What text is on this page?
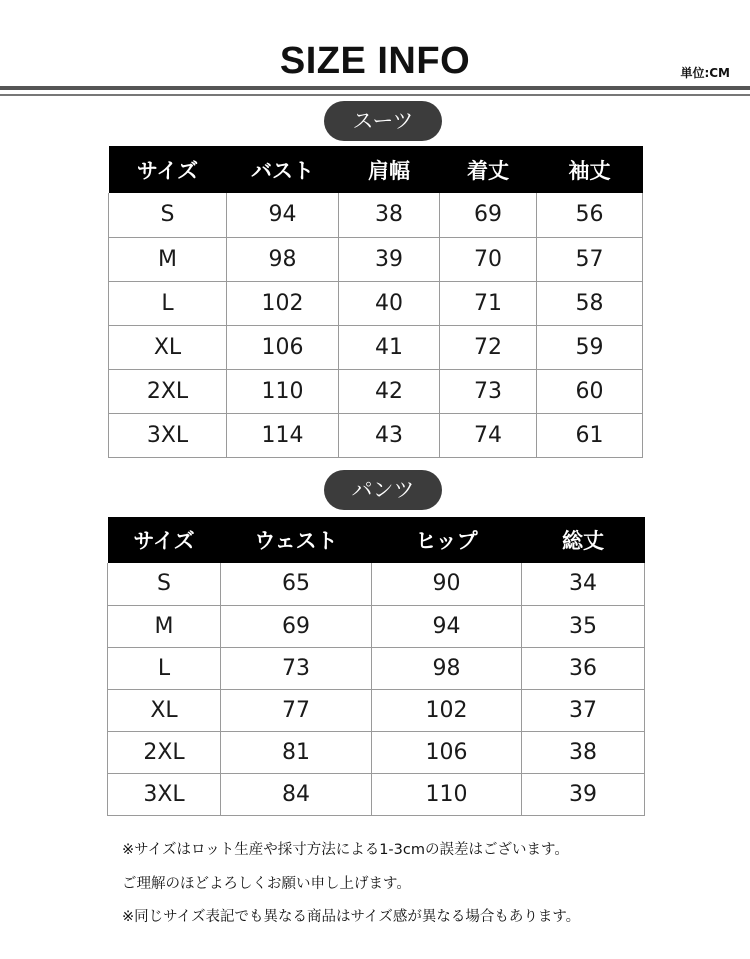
SIZE INFO	単位:CM
スーツ
サイズ	バスト	肩幅	着丈	袖丈
S	94	38	69	56
M	98	39	70	57
L	102	40	71	58
XL	106	41	72	59
2XL	110	42	73	60
3XL	114	43	74	61
パンツ
サイズ	ウェスト	ヒップ	総丈
S	65	90	34
M	69	94	35
L	73	98	36
XL	77	102	37
2XL	81	106	38
3XL	84	110	39
※サイズはロット生産や採寸方法による1-3cmの誤差はございます。
ご理解のほどよろしくお願い申し上げます。
※同じサイズ表記でも異なる商品はサイズ感が異なる場合もあります。
